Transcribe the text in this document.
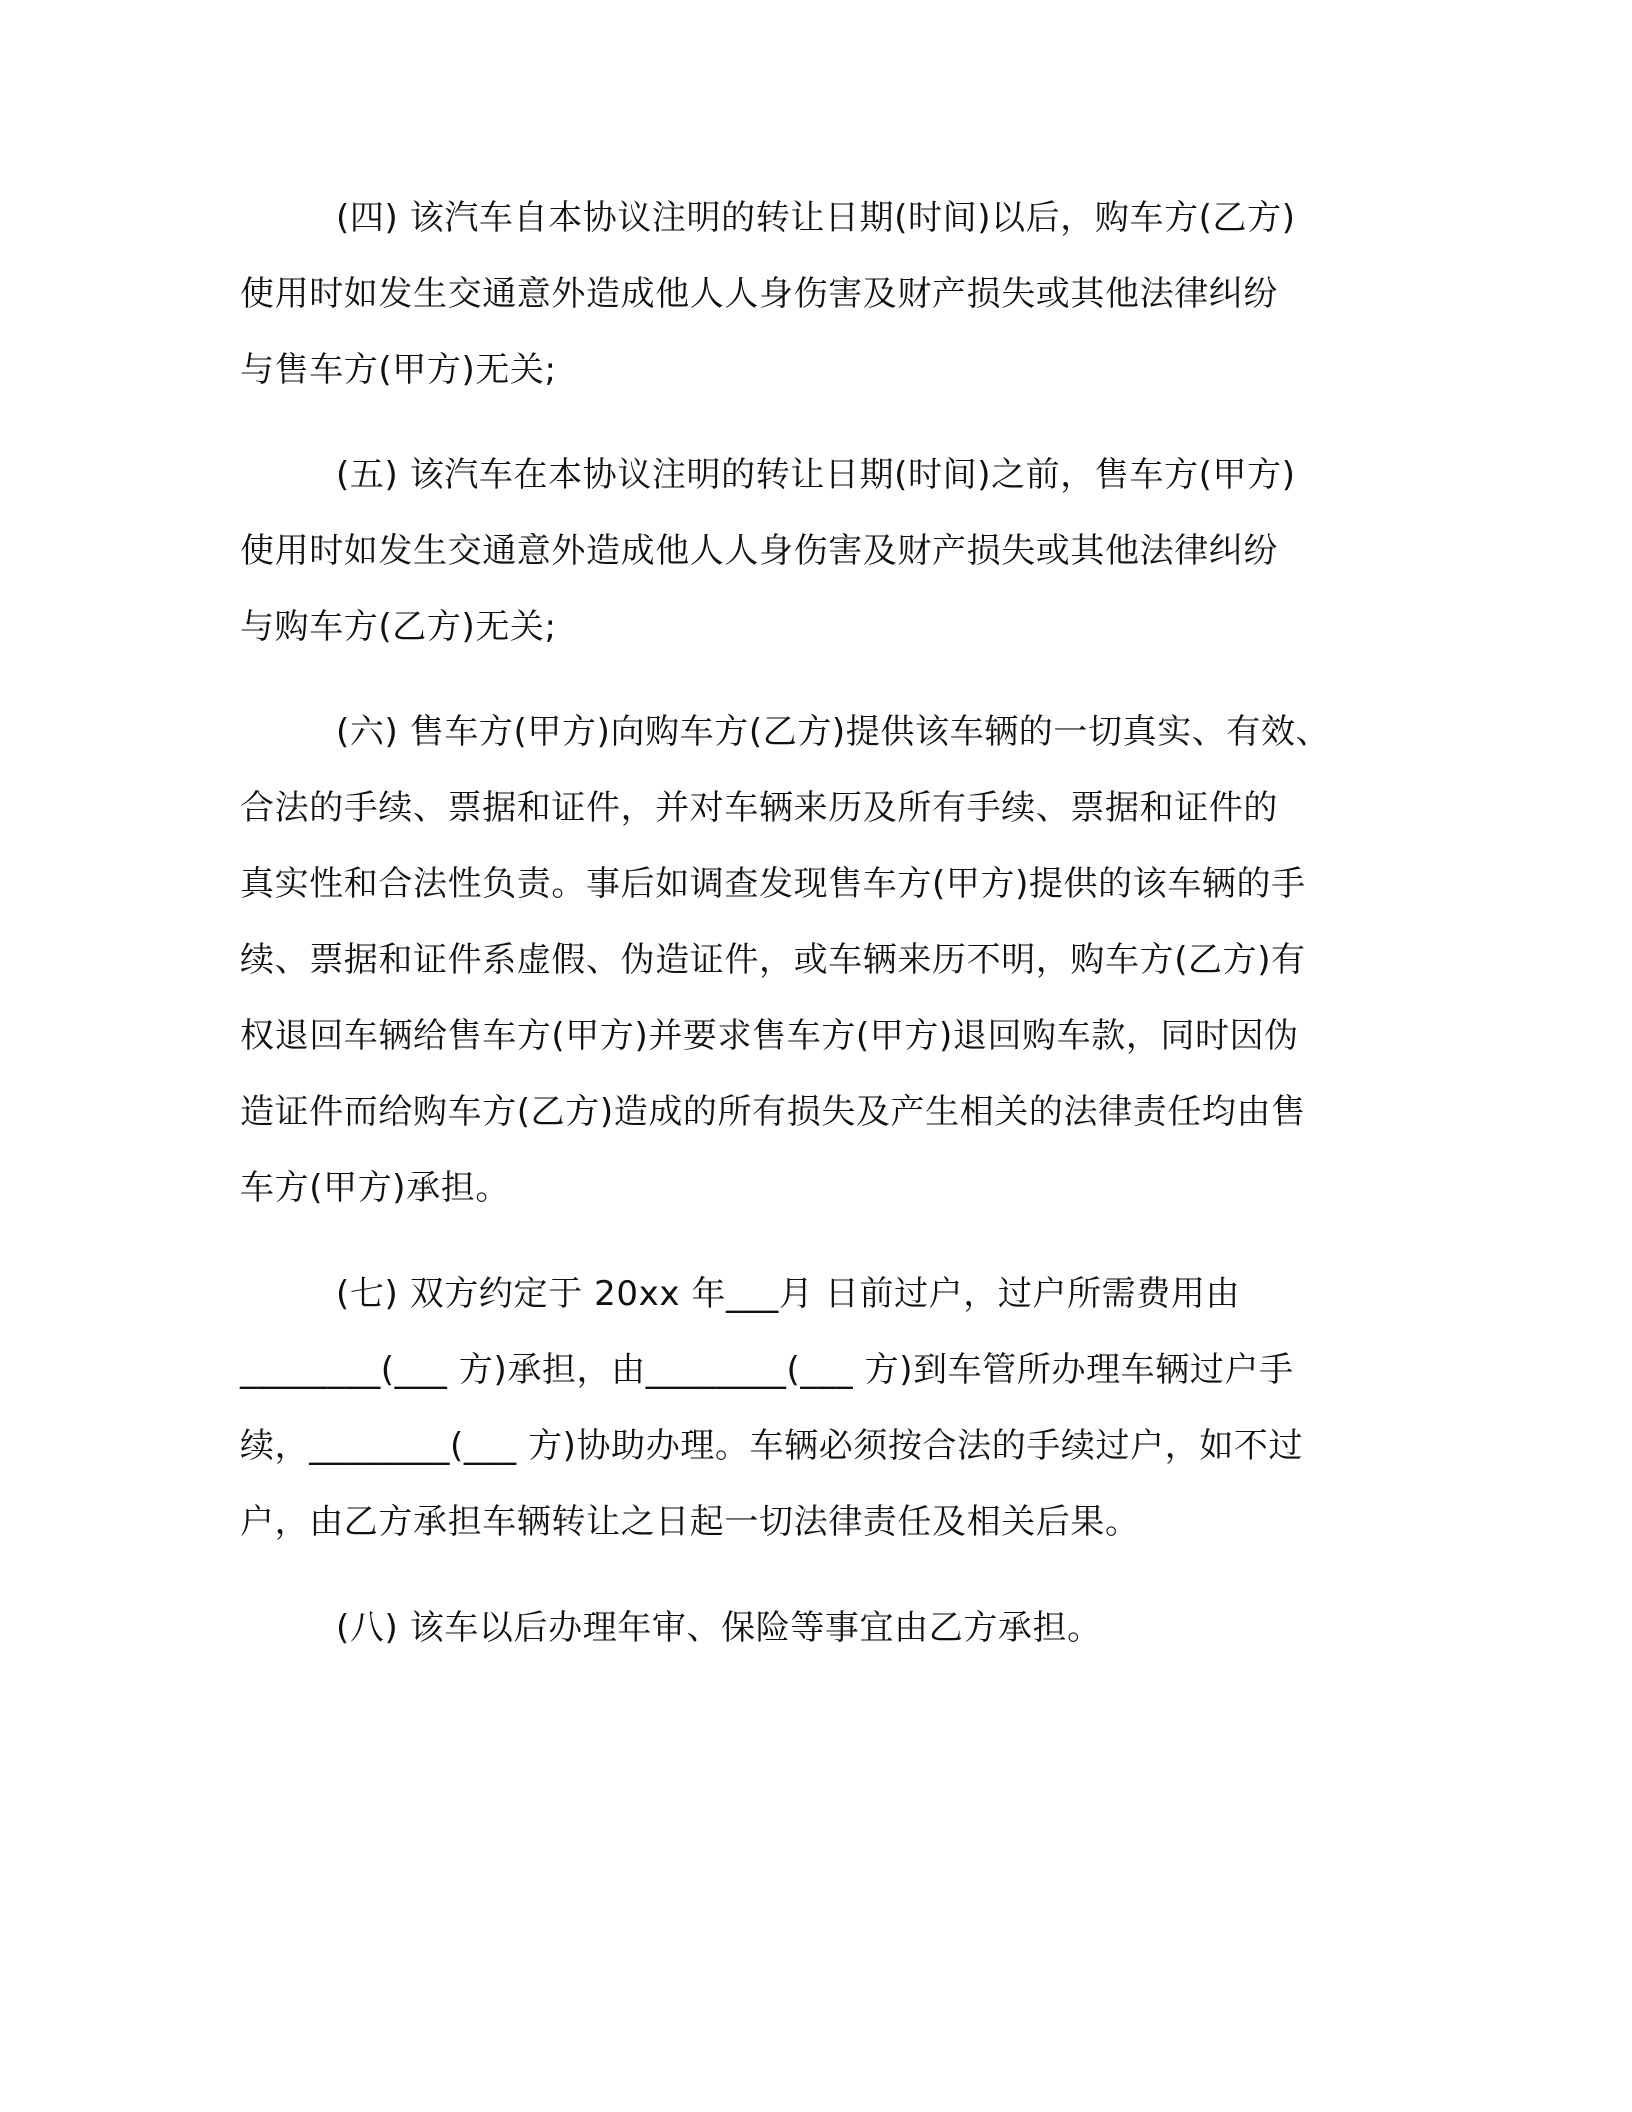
(四) 该汽车自本协议注明的转让日期(时间)以后，购车方(乙方)
使用时如发生交通意外造成他人人身伤害及财产损失或其他法律纠纷
与售车方(甲方)无关;
(五) 该汽车在本协议注明的转让日期(时间)之前，售车方(甲方)
使用时如发生交通意外造成他人人身伤害及财产损失或其他法律纠纷
与购车方(乙方)无关;
(六) 售车方(甲方)向购车方(乙方)提供该车辆的一切真实、有效、
合法的手续、票据和证件，并对车辆来历及所有手续、票据和证件的
真实性和合法性负责。事后如调查发现售车方(甲方)提供的该车辆的手
续、票据和证件系虚假、伪造证件，或车辆来历不明，购车方(乙方)有
权退回车辆给售车方(甲方)并要求售车方(甲方)退回购车款，同时因伪
造证件而给购车方(乙方)造成的所有损失及产生相关的法律责任均由售
车方(甲方)承担。
(七) 双方约定于 20xx 年___月 日前过户，过户所需费用由
________(___ 方)承担，由________(___ 方)到车管所办理车辆过户手
续，________(___ 方)协助办理。车辆必须按合法的手续过户，如不过
户，由乙方承担车辆转让之日起一切法律责任及相关后果。
(八) 该车以后办理年审、保险等事宜由乙方承担。
